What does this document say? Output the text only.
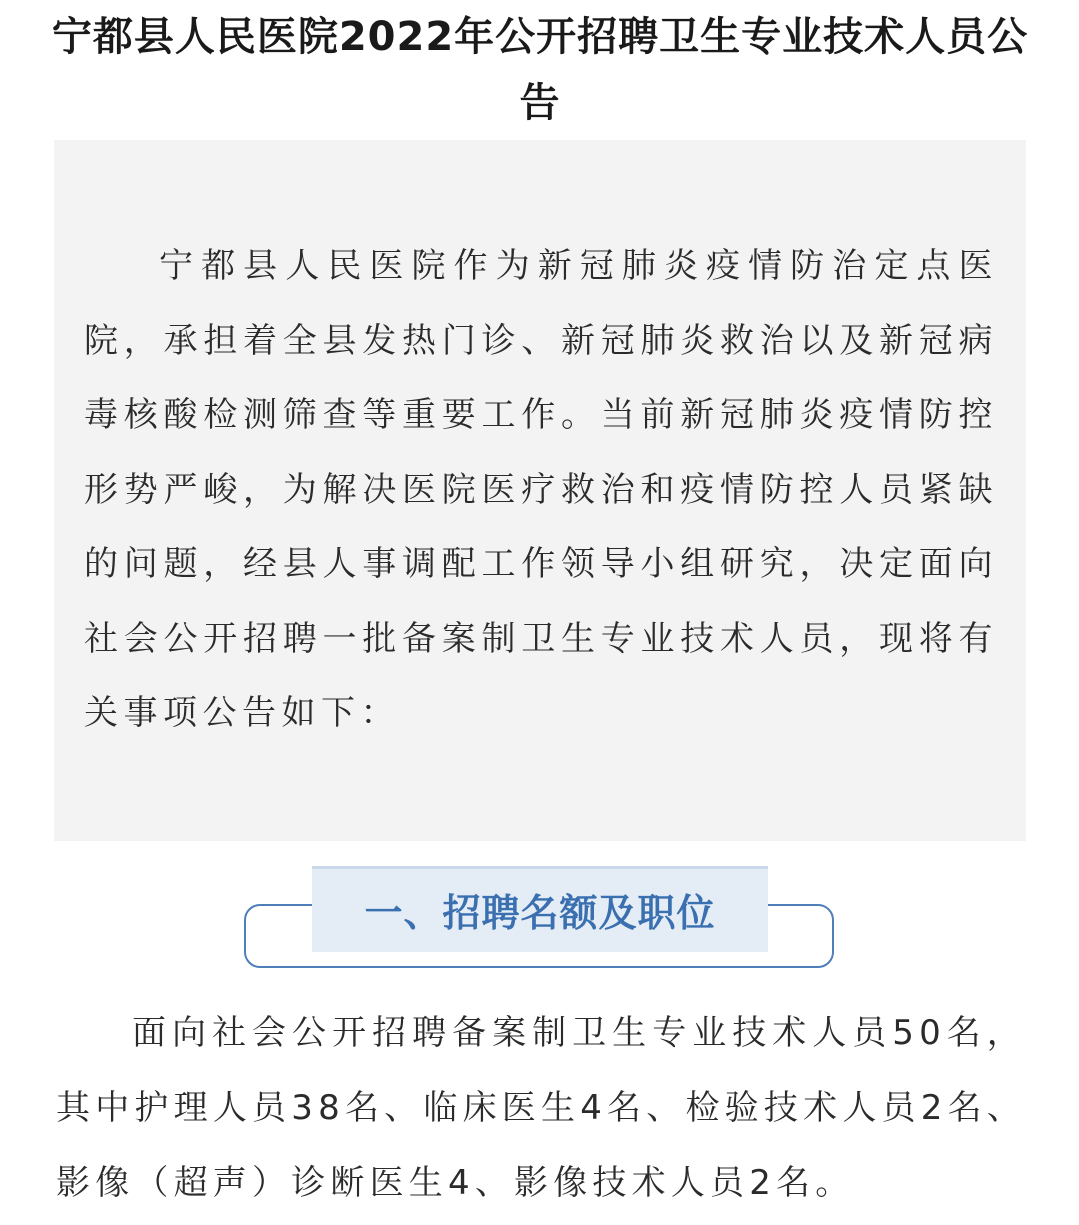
宁都县人民医院2022年公开招聘卫生专业技术人员公告

宁都县人民医院作为新冠肺炎疫情防治定点医院，承担着全县发热门诊、新冠肺炎救治以及新冠病毒核酸检测筛查等重要工作。当前新冠肺炎疫情防控形势严峻，为解决医院医疗救治和疫情防控人员紧缺的问题，经县人事调配工作领导小组研究，决定面向社会公开招聘一批备案制卫生专业技术人员，现将有关事项公告如下：

一、招聘名额及职位

面向社会公开招聘备案制卫生专业技术人员50名，其中护理人员38名、临床医生4名、检验技术人员2名、影像（超声）诊断医生4、影像技术人员2名。
